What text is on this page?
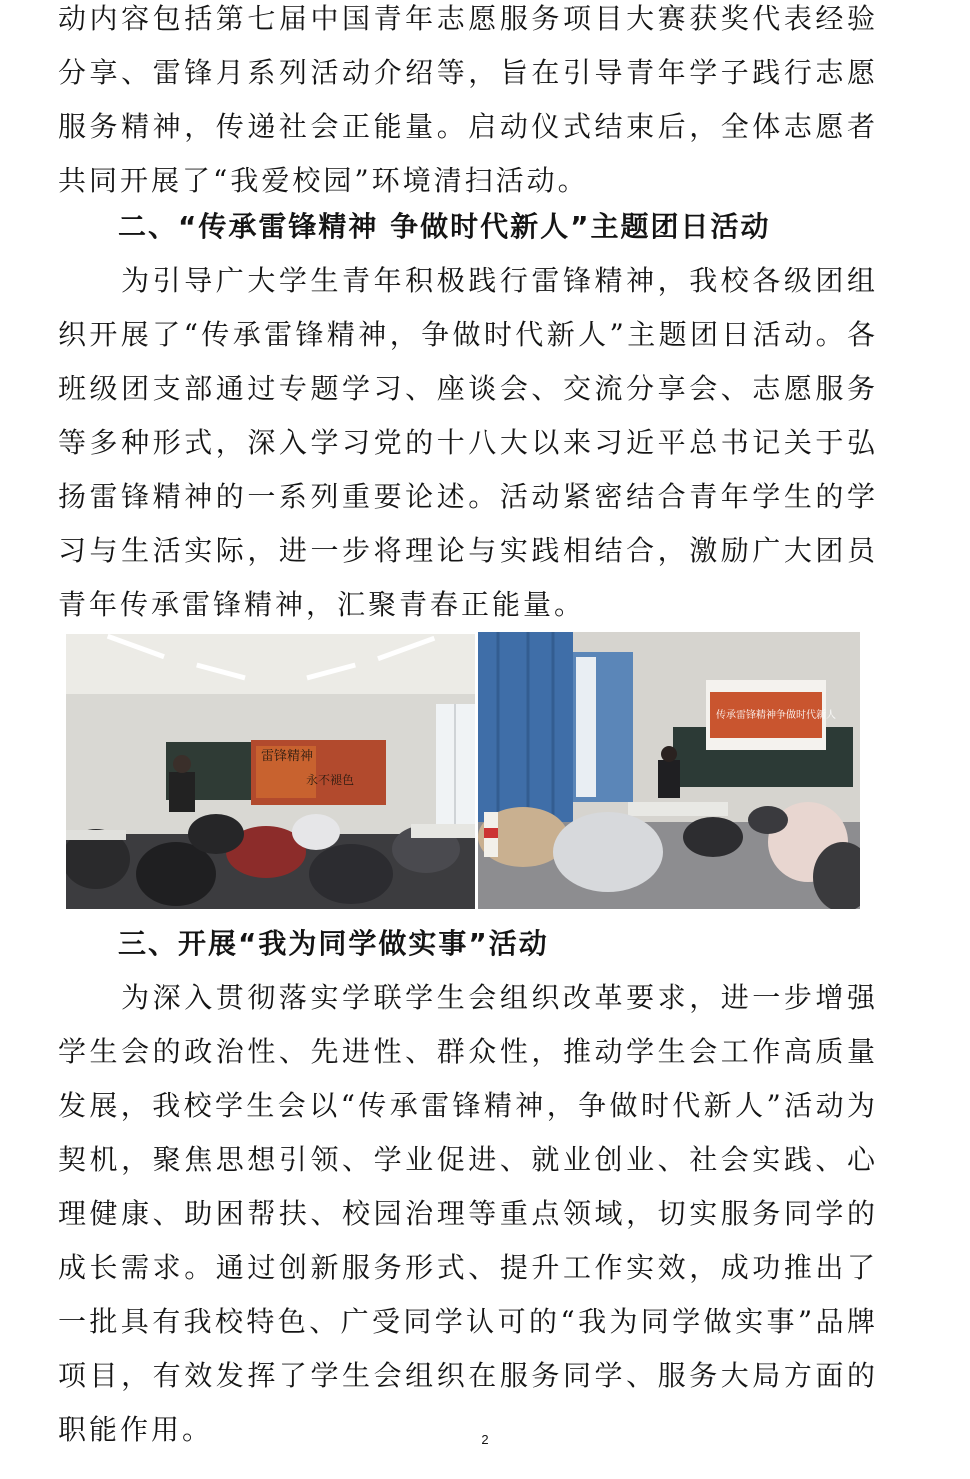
动内容包括第七届中国青年志愿服务项目大赛获奖代表经验分享、雷锋月系列活动介绍等，旨在引导青年学子践行志愿服务精神，传递社会正能量。启动仪式结束后，全体志愿者共同开展了“我爱校园”环境清扫活动。

二、“传承雷锋精神 争做时代新人”主题团日活动

　　为引导广大学生青年积极践行雷锋精神，我校各级团组织开展了“传承雷锋精神，争做时代新人”主题团日活动。各班级团支部通过专题学习、座谈会、交流分享会、志愿服务等多种形式，深入学习党的十八大以来习近平总书记关于弘扬雷锋精神的一系列重要论述。活动紧密结合青年学生的学习与生活实际，进一步将理论与实践相结合，激励广大团员青年传承雷锋精神，汇聚青春正能量。

雷锋精神
永不褪色
传承雷锋精神争做时代新人
三、开展“我为同学做实事”活动

　　为深入贯彻落实学联学生会组织改革要求，进一步增强学生会的政治性、先进性、群众性，推动学生会工作高质量发展，我校学生会以“传承雷锋精神，争做时代新人”活动为契机，聚焦思想引领、学业促进、就业创业、社会实践、心理健康、助困帮扶、校园治理等重点领域，切实服务同学的成长需求。通过创新服务形式、提升工作实效，成功推出了一批具有我校特色、广受同学认可的“我为同学做实事”品牌项目，有效发挥了学生会组织在服务同学、服务大局方面的职能作用。	2
